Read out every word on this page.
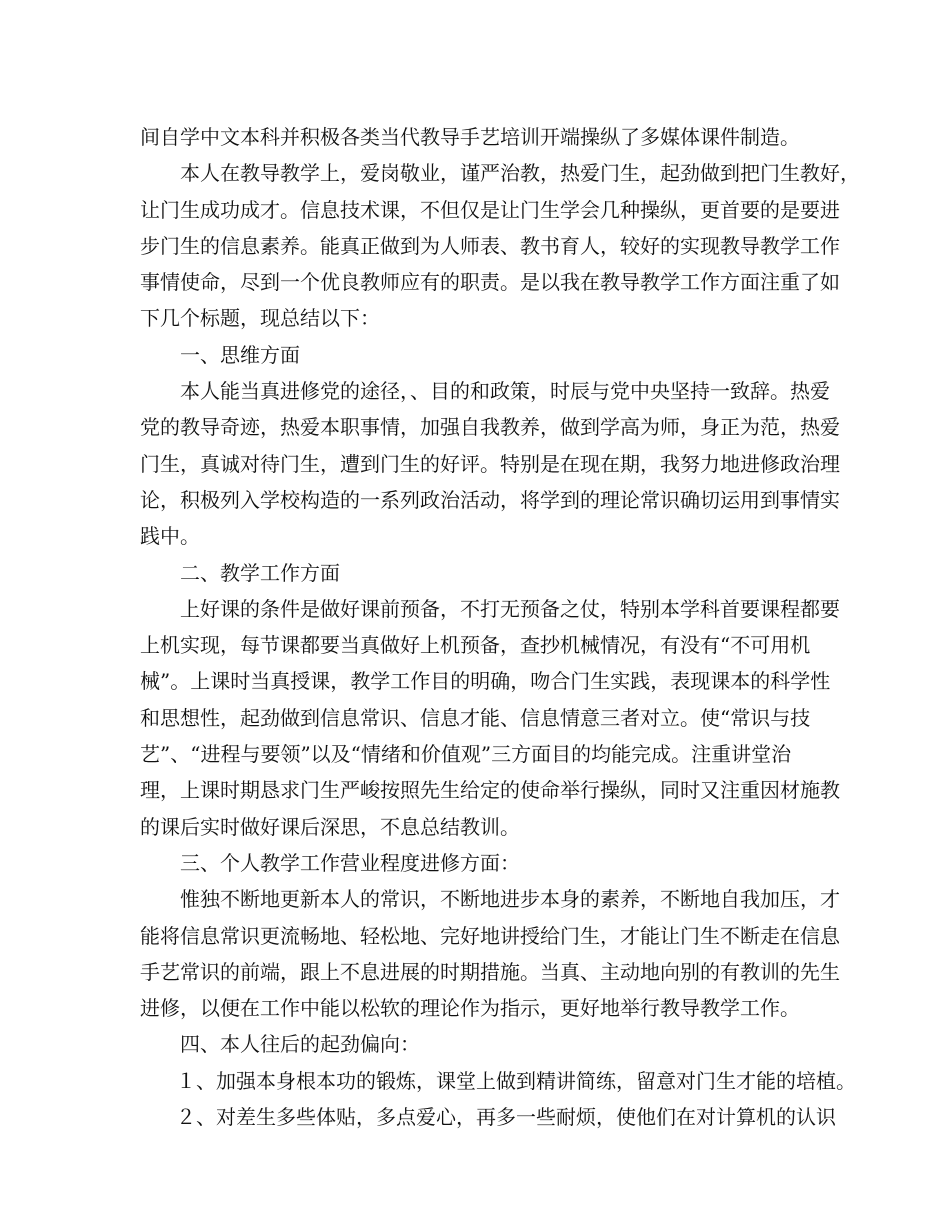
间自学中文本科并积极各类当代教导手艺培训开端操纵了多媒体课件制造。
本人在教导教学上，爱岗敬业，谨严治教，热爱门生，起劲做到把门生教好，
让门生成功成才。信息技术课，不但仅是让门生学会几种操纵，更首要的是要进
步门生的信息素养。能真正做到为人师表、教书育人，较好的实现教导教学工作
事情使命，尽到一个优良教师应有的职责。是以我在教导教学工作方面注重了如
下几个标题，现总结以下：
一、思维方面
本人能当真进修党的途径，、目的和政策，时辰与党中央坚持一致辞。热爱
党的教导奇迹，热爱本职事情，加强自我教养，做到学高为师，身正为范，热爱
门生，真诚对待门生，遭到门生的好评。特别是在现在期，我努力地进修政治理
论，积极列入学校构造的一系列政治活动，将学到的理论常识确切运用到事情实
践中。
二、教学工作方面
上好课的条件是做好课前预备，不打无预备之仗，特别本学科首要课程都要
上机实现，每节课都要当真做好上机预备，查抄机械情况，有没有“不可用机
械”。上课时当真授课，教学工作目的明确，吻合门生实践，表现课本的科学性
和思想性，起劲做到信息常识、信息才能、信息情意三者对立。使“常识与技
艺”、“进程与要领”以及“情绪和价值观”三方面目的均能完成。注重讲堂治
理，上课时期恳求门生严峻按照先生给定的使命举行操纵，同时又注重因材施教
的课后实时做好课后深思，不息总结教训。
三、个人教学工作营业程度进修方面：
惟独不断地更新本人的常识，不断地进步本身的素养，不断地自我加压，才
能将信息常识更流畅地、轻松地、完好地讲授给门生，才能让门生不断走在信息
手艺常识的前端，跟上不息进展的时期措施。当真、主动地向别的有教训的先生
进修，以便在工作中能以松软的理论作为指示，更好地举行教导教学工作。
四、本人往后的起劲偏向：
１、加强本身根本功的锻炼，课堂上做到精讲简练，留意对门生才能的培植。
２、对差生多些体贴，多点爱心，再多一些耐烦，使他们在对计算机的认识
